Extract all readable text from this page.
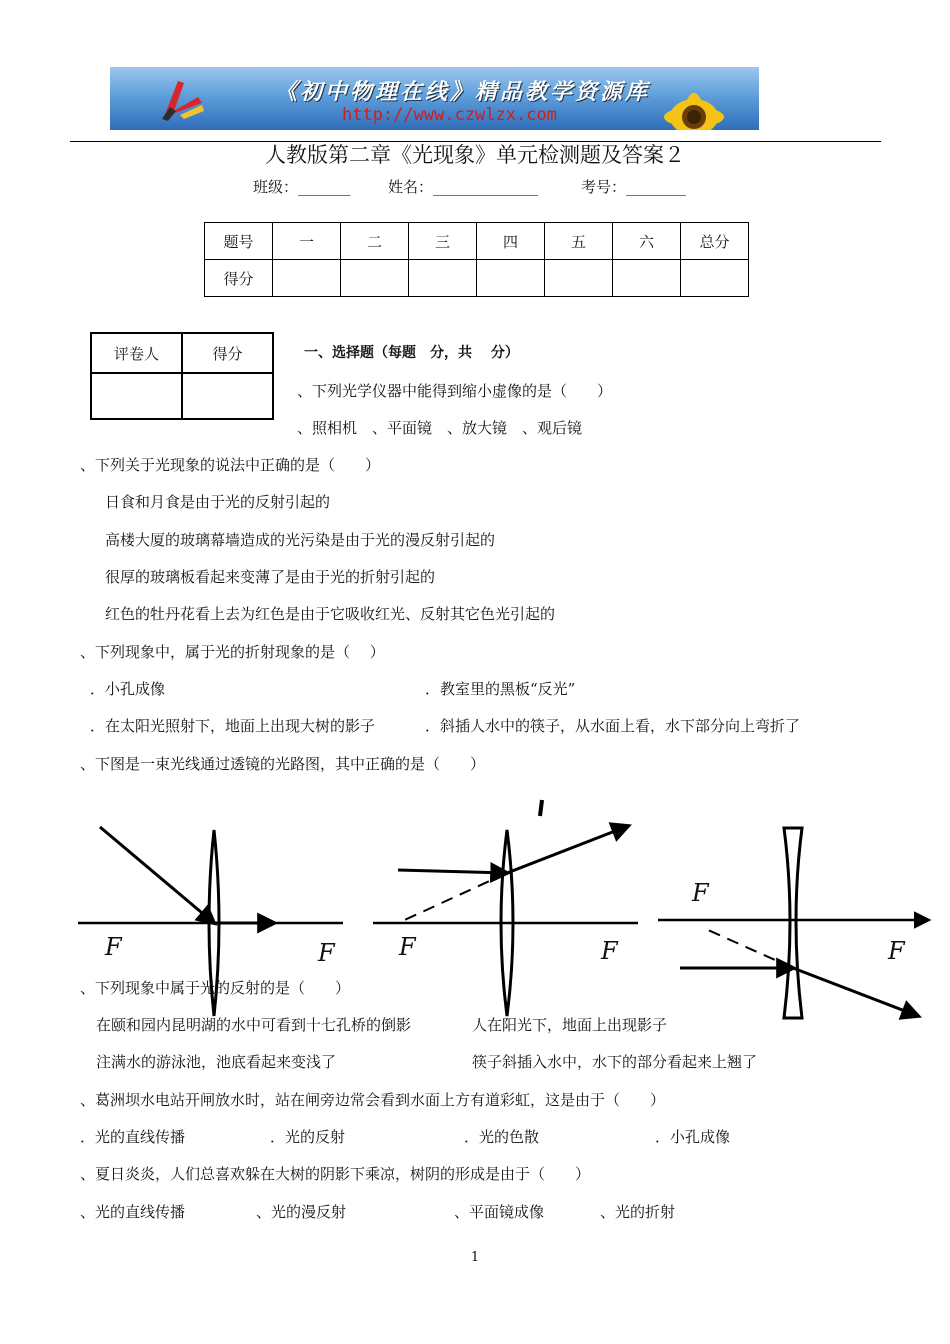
《初中物理在线》精品教学资源库
http://www.czwlzx.com
人教版第二章《光现象》单元检测题及答案２
班级：_______ 姓名：______________	考号：________
题号	一	二	三	四	五	六	总分
得分							
评卷人	得分
		一、选择题（每题　分，共　 分）
、下列光学仪器中能得到缩小虚像的是（　　）
、照相机　、平面镜　、放大镜　、观后镜
、下列关于光现象的说法中正确的是（　　）
日食和月食是由于光的反射引起的
高楼大厦的玻璃幕墙造成的光污染是由于光的漫反射引起的
很厚的玻璃板看起来变薄了是由于光的折射引起的
红色的牡丹花看上去为红色是由于它吸收红光、反射其它色光引起的
、下列现象中，属于光的折射现象的是（　 ）
．小孔成像	．教室里的黑板“反光”
．在太阳光照射下，地面上出现大树的影子	．斜插人水中的筷子，从水面上看，水下部分向上弯折了
、下图是一束光线通过透镜的光路图，其中正确的是（　　）
F	F	F	F
F
F
、下列现象中属于光的反射的是（　　）
在颐和园内昆明湖的水中可看到十七孔桥的倒影	人在阳光下，地面上出现影子
注满水的游泳池，池底看起来变浅了	筷子斜插入水中，水下的部分看起来上翘了
、葛洲坝水电站开闸放水时，站在闸旁边常会看到水面上方有道彩虹，这是由于（　　）
．光的直线传播	．光的反射	．光的色散	．小孔成像
、夏日炎炎，人们总喜欢躲在大树的阴影下乘凉，树阴的形成是由于（　　）
、光的直线传播	、光的漫反射	、平面镜成像	、光的折射
1
